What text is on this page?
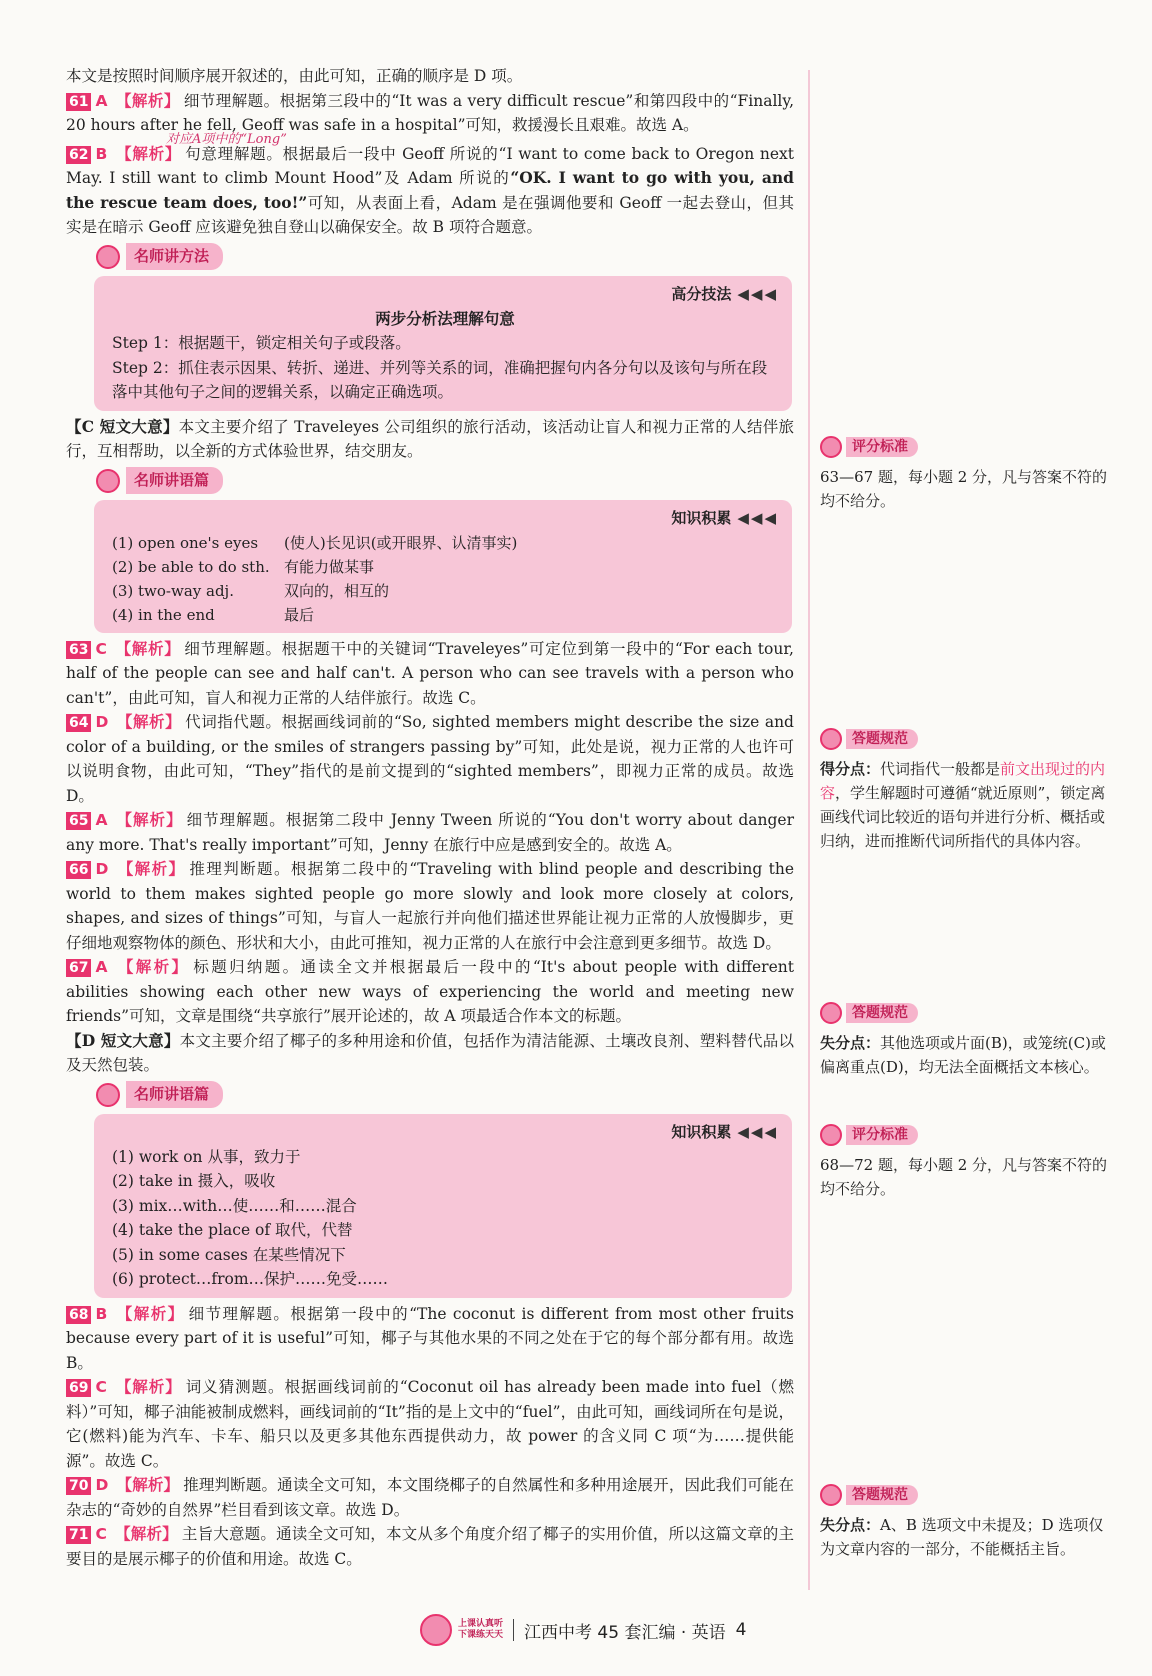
本文是按照时间顺序展开叙述的，由此可知，正确的顺序是 D 项。

61 A 【解析】 细节理解题。根据第三段中的“It was a very difficult rescue”和第四段中的“Finally, 20 hours after he fell, Geoff was safe in a hospital”可知，救援漫长且艰难。故选 A。

对应A项中的“Long”

62 B 【解析】 句意理解题。根据最后一段中 Geoff 所说的“I want to come back to Oregon next May. I still want to climb Mount Hood”及 Adam 所说的“OK. I want to go with you, and the rescue team does, too!”可知，从表面上看，Adam 是在强调他要和 Geoff 一起去登山，但其实是在暗示 Geoff 应该避免独自登山以确保安全。故 B 项符合题意。

名师讲方法
高分技法 ◀◀◀
两步分析法理解句意
Step 1：根据题干，锁定相关句子或段落。
Step 2：抓住表示因果、转折、递进、并列等关系的词，准确把握句内各分句以及该句与所在段落中其他句子之间的逻辑关系，以确定正确选项。

【C 短文大意】本文主要介绍了 Traveleyes 公司组织的旅行活动，该活动让盲人和视力正常的人结伴旅行，互相帮助，以全新的方式体验世界，结交朋友。

名师讲语篇
知识积累 ◀◀◀
(1) open one's eyes	(使人)长见识(或开眼界、认清事实)
(2) be able to do sth. 有能力做某事
(3) two-way adj.	双向的，相互的
(4) in the end	最后

63 C 【解析】 细节理解题。根据题干中的关键词“Traveleyes”可定位到第一段中的“For each tour, half of the people can see and half can't. A person who can see travels with a person who can't”，由此可知，盲人和视力正常的人结伴旅行。故选 C。

64 D 【解析】 代词指代题。根据画线词前的“So, sighted members might describe the size and color of a building, or the smiles of strangers passing by”可知，此处是说，视力正常的人也许可以说明食物，由此可知，“They”指代的是前文提到的“sighted members”，即视力正常的成员。故选 D。

65 A 【解析】 细节理解题。根据第二段中 Jenny Tween 所说的“You don't worry about danger any more. That's really important”可知，Jenny 在旅行中应是感到安全的。故选 A。

66 D 【解析】 推理判断题。根据第二段中的“Traveling with blind people and describing the world to them makes sighted people go more slowly and look more closely at colors, shapes, and sizes of things”可知，与盲人一起旅行并向他们描述世界能让视力正常的人放慢脚步，更仔细地观察物体的颜色、形状和大小，由此可推知，视力正常的人在旅行中会注意到更多细节。故选 D。

67 A 【解析】 标题归纳题。通读全文并根据最后一段中的“It's about people with different abilities showing each other new ways of experiencing the world and meeting new friends”可知，文章是围绕“共享旅行”展开论述的，故 A 项最适合作本文的标题。

【D 短文大意】本文主要介绍了椰子的多种用途和价值，包括作为清洁能源、土壤改良剂、塑料替代品以及天然包装。

名师讲语篇
知识积累 ◀◀◀
(1) work on 从事，致力于
(2) take in 摄入，吸收
(3) mix…with…使……和……混合
(4) take the place of 取代，代替
(5) in some cases 在某些情况下
(6) protect…from…保护……免受……

68 B 【解析】 细节理解题。根据第一段中的“The coconut is different from most other fruits because every part of it is useful”可知，椰子与其他水果的不同之处在于它的每个部分都有用。故选 B。

69 C 【解析】 词义猜测题。根据画线词前的“Coconut oil has already been made into fuel（燃料）”可知，椰子油能被制成燃料，画线词前的“It”指的是上文中的“fuel”，由此可知，画线词所在句是说，它(燃料)能为汽车、卡车、船只以及更多其他东西提供动力，故 power 的含义同 C 项“为……提供能源”。故选 C。

70 D 【解析】 推理判断题。通读全文可知，本文围绕椰子的自然属性和多种用途展开，因此我们可能在杂志的“奇妙的自然界”栏目看到该文章。故选 D。

71 C 【解析】 主旨大意题。通读全文可知，本文从多个角度介绍了椰子的实用价值，所以这篇文章的主要目的是展示椰子的价值和用途。故选 C。

评分标准
63—67 题，每小题 2 分，凡与答案不符的均不给分。
答题规范
得分点：代词指代一般都是前文出现过的内容，学生解题时可遵循“就近原则”，锁定离画线代词比较近的语句并进行分析、概括或归纳，进而推断代词所指代的具体内容。
答题规范
失分点：其他选项或片面(B)，或笼统(C)或偏离重点(D)，均无法全面概括文本核心。
评分标准
68—72 题，每小题 2 分，凡与答案不符的均不给分。
答题规范
失分点：A、B 选项文中未提及；D 选项仅为文章内容的一部分，不能概括主旨。
上课认真听
下课练天天 江西中考 45 套汇编 · 英语 4
